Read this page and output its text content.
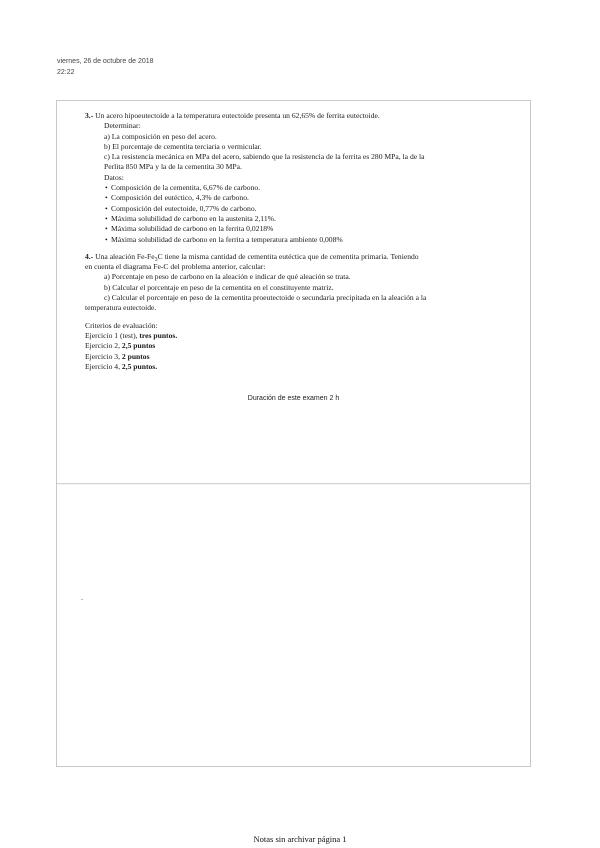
viernes, 26 de octubre de 2018
22:22

3.- Un acero hipoeutectoide a la temperatura eutectoide presenta un 62,65% de ferrita eutectoide.

Determinar:

a) La composición en peso del acero.

b) El porcentaje de cementita terciaria o vermicular.

c) La resistencia mecánica en MPa del acero, sabiendo que la resistencia de la ferrita es 280 MPa, la de la

Perlita 850 MPa y la de la cementita 30 MPa.

Datos:

• Composición de la cementita, 6,67% de carbono.
• Composición del eutéctico, 4,3% de carbono.
• Composición del eutectoide, 0,77% de carbono.
• Máxima solubilidad de carbono en la austenita 2,11%.
• Máxima solubilidad de carbono en la ferrita 0,0218%
• Máxima solubilidad de carbono en la ferrita a temperatura ambiente 0,008%

4.- Una aleación $Fe-Fe_3C$ tiene la misma cantidad de cementita eutéctica que de cementita primaria. Teniendo

en cuenta el diagrama Fe-C del problema anterior, calcular:

a) Porcentaje en peso de carbono en la aleación e indicar de qué aleación se trata.

b) Calcular el porcentaje en peso de la cementita en el constituyente matriz.

c) Calcular el porcentaje en peso de la cementita proeutectoide o secundaria precipitada en la aleación a la

temperatura eutectoide.

Criterios de evaluación:

Ejercicio 1 (test), tres puntos.

Ejercicio 2, 2,5 puntos

Ejercicio 3, 2 puntos

Ejercicio 4, 2,5 puntos.

Duración de este examen 2 h
Notas sin archivar página 1
